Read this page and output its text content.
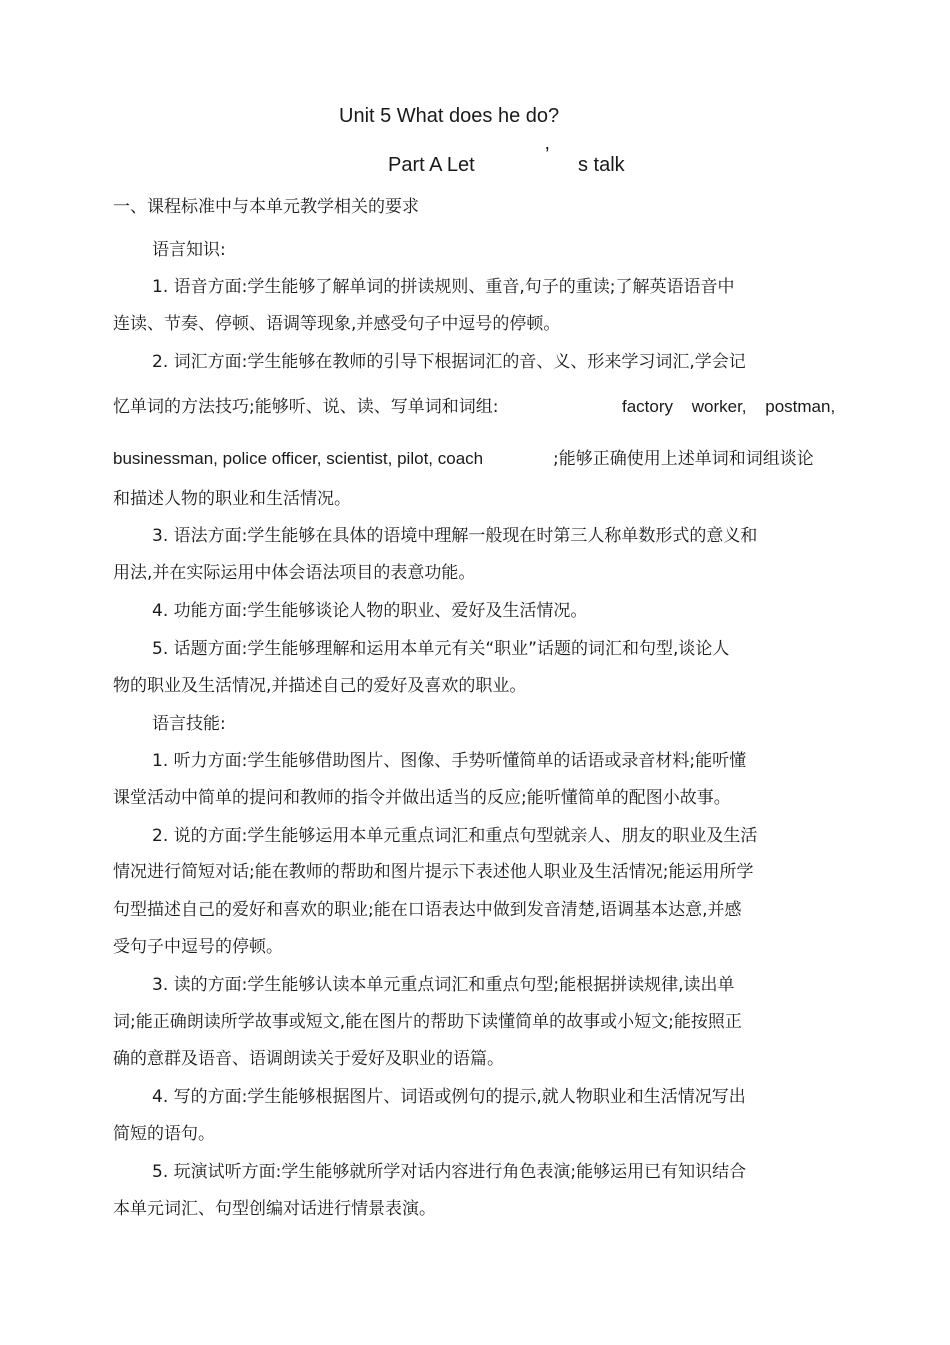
Unit 5 What does he do?
Part A Let	’ s talk
一、课程标准中与本单元教学相关的要求
语言知识:
1. 语音方面:学生能够了解单词的拼读规则、重音,句子的重读;了解英语语音中
连读、节奏、停顿、语调等现象,并感受句子中逗号的停顿。
2. 词汇方面:学生能够在教师的引导下根据词汇的音、义、形来学习词汇,学会记
忆单词的方法技巧;能够听、说、读、写单词和词组:	factory worker, postman,
businessman, police officer, scientist, pilot, coach	;能够正确使用上述单词和词组谈论
和描述人物的职业和生活情况。
3. 语法方面:学生能够在具体的语境中理解一般现在时第三人称单数形式的意义和
用法,并在实际运用中体会语法项目的表意功能。
4. 功能方面:学生能够谈论人物的职业、爱好及生活情况。
5. 话题方面:学生能够理解和运用本单元有关“职业”话题的词汇和句型,谈论人
物的职业及生活情况,并描述自己的爱好及喜欢的职业。
语言技能:
1. 听力方面:学生能够借助图片、图像、手势听懂简单的话语或录音材料;能听懂
课堂活动中简单的提问和教师的指令并做出适当的反应;能听懂简单的配图小故事。
2. 说的方面:学生能够运用本单元重点词汇和重点句型就亲人、朋友的职业及生活
情况进行简短对话;能在教师的帮助和图片提示下表述他人职业及生活情况;能运用所学
句型描述自己的爱好和喜欢的职业;能在口语表达中做到发音清楚,语调基本达意,并感
受句子中逗号的停顿。
3. 读的方面:学生能够认读本单元重点词汇和重点句型;能根据拼读规律,读出单
词;能正确朗读所学故事或短文,能在图片的帮助下读懂简单的故事或小短文;能按照正
确的意群及语音、语调朗读关于爱好及职业的语篇。
4. 写的方面:学生能够根据图片、词语或例句的提示,就人物职业和生活情况写出
简短的语句。
5. 玩演试听方面:学生能够就所学对话内容进行角色表演;能够运用已有知识结合
本单元词汇、句型创编对话进行情景表演。
